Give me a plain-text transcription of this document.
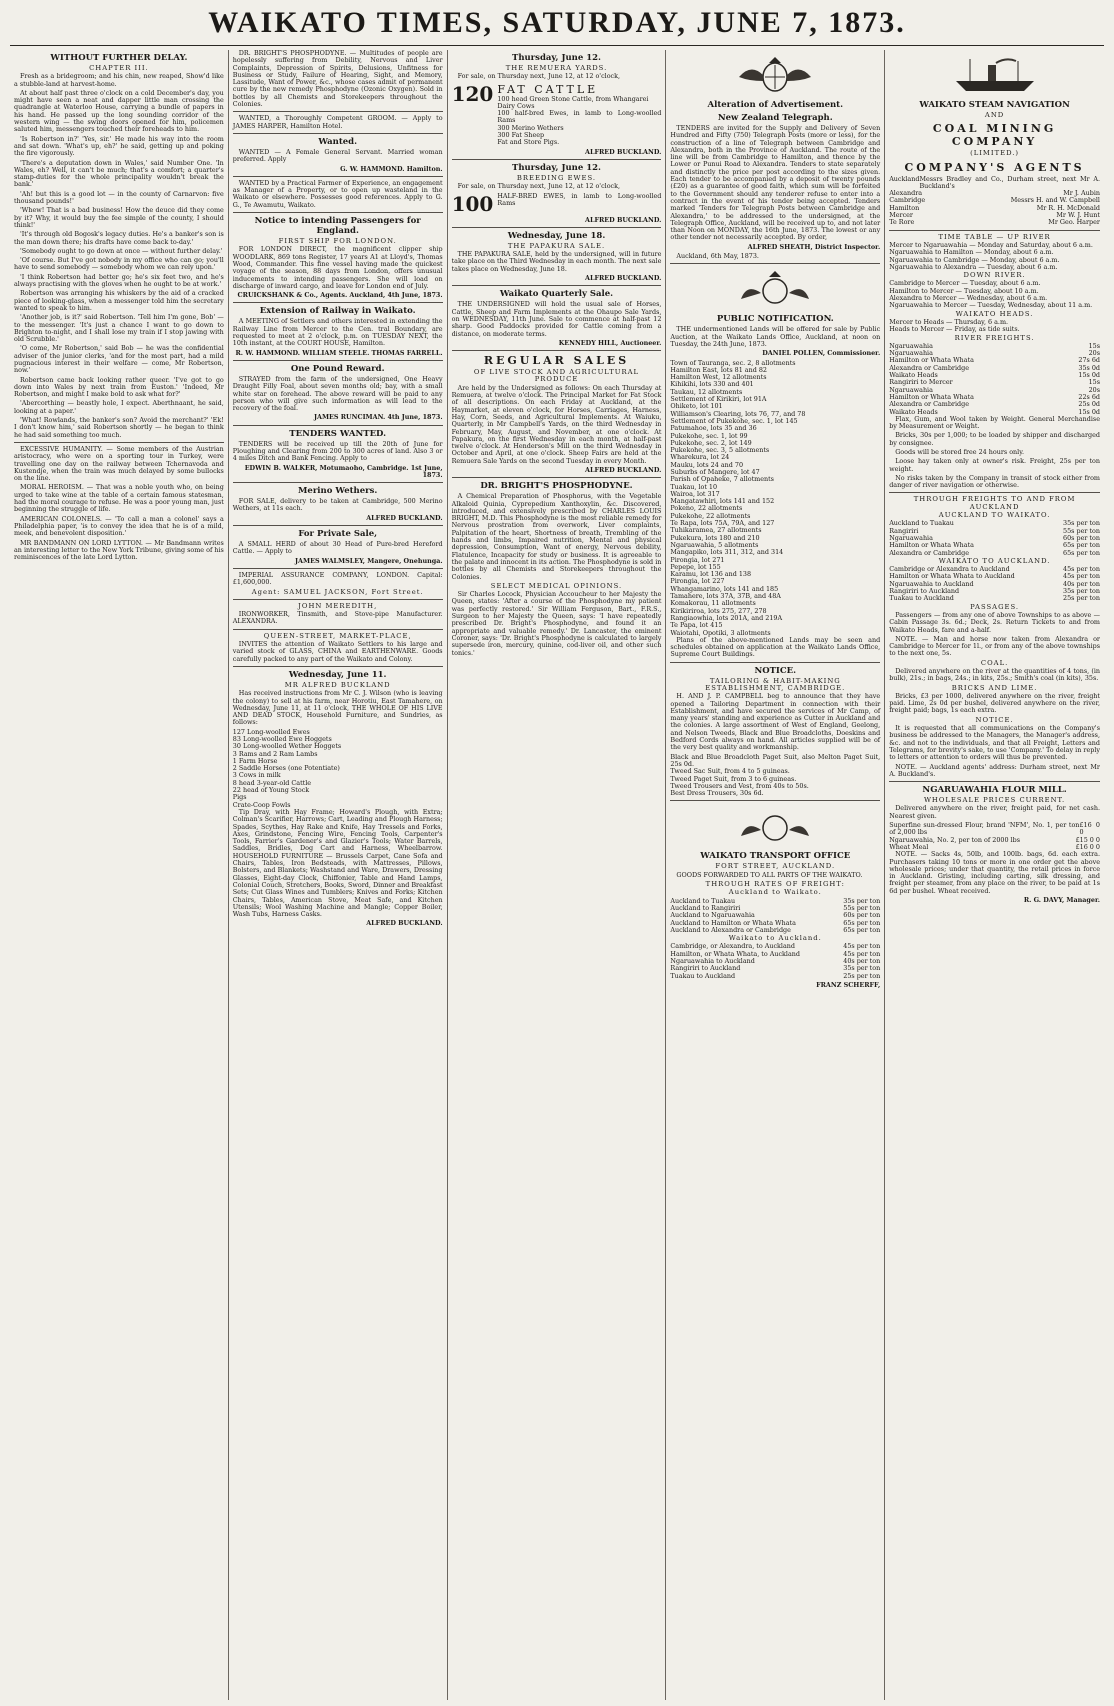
WAIKATO TIMES, SATURDAY, JUNE 7, 1873.
WITHOUT FURTHER DELAY.
CHAPTER III.

Fresh as a bridegroom; and his chin, new reaped, Show'd like a stubble-land at harvest-home.

At about half past three o'clock on a cold December's day, you might have seen a neat and dapper little man crossing the quadrangle at Waterloo House, carrying a bundle of papers in his hand. He passed up the long sounding corridor of the western wing — the swing doors opened for him, policemen saluted him, messengers touched their foreheads to him.

'Is Robertson in?' 'Yes, sir.' He made his way into the room and sat down. 'What's up, eh?' he said, getting up and poking the fire vigorously.

'There's a deputation down in Wales,' said Number One. 'In Wales, eh? Well, it can't be much; that's a comfort; a quarter's stamp-duties for the whole principality wouldn't break the bank.'

'Ah! but this is a good lot — in the county of Carnarvon: five thousand pounds!'

'Whew! That is a bad business! How the deuce did they come by it? Why, it would buy the fee simple of the county, I should think!'

'It's through old Bogosk's legacy duties. He's a banker's son is the man down there; his drafts have come back to-day.'

'Somebody ought to go down at once — without further delay.'

'Of course. But I've got nobody in my office who can go; you'll have to send somebody — somebody whom we can rely upon.'

'I think Robertson had better go; he's six feet two, and he's always practising with the gloves when he ought to be at work.'

Robertson was arranging his whiskers by the aid of a cracked piece of looking-glass, when a messenger told him the secretary wanted to speak to him.

'Another job, is it?' said Robertson. 'Tell him I'm gone, Bob' — to the messenger. 'It's just a chance I want to go down to Brighton to-night, and I shall lose my train if I stop jawing with old Scrubble.'

'O come, Mr Robertson,' said Bob — he was the confidential adviser of the junior clerks, 'and for the most part, had a mild pugnacious interest in their welfare — come, Mr Robertson, now.'

Robertson came back looking rather queer. 'I've got to go down into Wales by next train from Euston.' 'Indeed, Mr Robertson, and might I make bold to ask what for?'

'Abercorthing — beastly hole, I expect. Aberthnaant, he said, looking at a paper.'

'What! Rowlands, the banker's son? Avoid the merchant?' 'Ek! I don't know him,' said Robertson shortly — he began to think he had said something too much.

EXCESSIVE HUMANITY. — Some members of the Austrian aristocracy, who were on a sporting tour in Turkey, were travelling one day on the railway between Tchernavoda and Kustendje, when the train was much delayed by some bullocks on the line.

MORAL HEROISM. — That was a noble youth who, on being urged to take wine at the table of a certain famous statesman, had the moral courage to refuse. He was a poor young man, just beginning the struggle of life.

AMERICAN COLONELS. — 'To call a man a colonel' says a Philadelphia paper, 'is to convey the idea that he is of a mild, meek, and benevolent disposition.'

MR BANDMANN ON LORD LYTTON. — Mr Bandmann writes an interesting letter to the New York Tribune, giving some of his reminiscences of the late Lord Lytton.

DR. BRIGHT'S PHOSPHODYNE. — Multitudes of people are hopelessly suffering from Debility, Nervous and Liver Complaints, Depression of Spirits, Delusions, Unfitness for Business or Study, Failure of Hearing, Sight, and Memory, Lassitude, Want of Power, &c., whose cases admit of permanent cure by the new remedy Phosphodyne (Ozonic Oxygen). Sold in bottles by all Chemists and Storekeepers throughout the Colonies.

WANTED, a Thoroughly Competent GROOM. — Apply to JAMES HARPER, Hamilton Hotel.

Wanted.

WANTED — A Female General Servant. Married woman preferred. Apply

G. W. HAMMOND. Hamilton.

WANTED by a Practical Farmer of Experience, an engagement as Manager of a Property, or to open up wasteland in the Waikato or elsewhere. Possesses good references. Apply to G. G., Te Awamutu, Waikato.

Notice to intending Passengers for England.
FIRST SHIP FOR LONDON.

FOR LONDON DIRECT, the magnificent clipper ship WOODLARK, 869 tons Register, 17 years A1 at Lloyd's, Thomas Wood, Commander. This fine vessel having made the quickest voyage of the season, 88 days from London, offers unusual inducements to intending passengers. She will load on discharge of inward cargo, and leave for London end of July.

CRUICKSHANK & Co., Agents. Auckland, 4th June, 1873.
Extension of Railway in Waikato.

A MEETING of Settlers and others interested in extending the Railway Line from Mercer to the Cen. tral Boundary, are requested to meet at 2 o'clock, p.m. on TUESDAY NEXT, the 10th instant, at the COURT HOUSE, Hamilton.

R. W. HAMMOND. WILLIAM STEELE. THOMAS FARRELL.
One Pound Reward.

STRAYED from the farm of the undersigned, One Heavy Draught Filly Foal, about seven months old; bay, with a small white star on forehead. The above reward will be paid to any person who will give such information as will lead to the recovery of the foal.

JAMES RUNCIMAN. 4th June, 1873.
TENDERS WANTED.

TENDERS will be received up till the 20th of June for Ploughing and Clearing from 200 to 300 acres of land. Also 3 or 4 miles Ditch and Bank Fencing. Apply to

EDWIN B. WALKER, Motumaoho, Cambridge. 1st June, 1873.
Merino Wethers.

FOR SALE, delivery to be taken at Cambridge, 500 Merino Wethers, at 11s each.

ALFRED BUCKLAND.
For Private Sale,

A SMALL HERD of about 30 Head of Pure-bred Hereford Cattle. — Apply to

JAMES WALMSLEY, Mangere, Onehunga.

IMPERIAL ASSURANCE COMPANY, LONDON. Capital: £1,600,000.

Agent: SAMUEL JACKSON, Fort Street.
JOHN MEREDITH,

IRONWORKER, Tinsmith, and Stove-pipe Manufacturer. ALEXANDRA.

QUEEN-STREET, MARKET-PLACE,

INVITES the attention of Waikato Settlers to his large and varied stock of GLASS, CHINA and EARTHENWARE. Goods carefully packed to any part of the Waikato and Colony.

Wednesday, June 11.
MR ALFRED BUCKLAND

Has received instructions from Mr C. J. Wilson (who is leaving the colony) to sell at his farm, near Horotiu, East Tamahere, on Wednesday, June 11, at 11 o'clock, THE WHOLE OF HIS LIVE AND DEAD STOCK, Household Furniture, and Sundries, as follows:

127 Long-woolled Ewes
83 Long-woolled Ewe Hoggets
30 Long-woolled Wether Hoggets
3 Rams and 2 Ram Lambs
1 Farm Horse
2 Saddle Horses (one Potentiate)
3 Cows in milk
8 head 3-year-old Cattle
22 head of Young Stock
Pigs
Crate-Coop Fowls

Tip Dray, with Hay Frame; Howard's Plough, with Extra; Colman's Scarifier, Harrows; Cart, Leading and Plough Harness; Spades, Scythes, Hay Rake and Knife, Hay Tressels and Forks, Axes, Grindstone, Fencing Wire, Fencing Tools, Carpenter's Tools, Farrier's Gardener's and Glazier's Tools; Water Barrels, Saddles, Bridles, Dog Cart and Harness, Wheelbarrow. HOUSEHOLD FURNITURE — Brussels Carpet, Cane Sofa and Chairs, Tables, Iron Bedsteads, with Mattresses, Pillows, Bolsters, and Blankets; Washstand and Ware, Drawers, Dressing Glasses, Eight-day Clock, Chiffonier, Table and Hand Lamps, Colonial Couch, Stretchers, Books, Sword, Dinner and Breakfast Sets; Cut Glass Wines and Tumblers; Knives and Forks; Kitchen Chairs, Tables, American Stove, Meat Safe, and Kitchen Utensils; Wool Washing Machine and Mangle; Copper Boiler, Wash Tubs, Harness Casks.

ALFRED BUCKLAND.
Thursday, June 12.
THE REMUERA YARDS.

For sale, on Thursday next, June 12, at 12 o'clock,

120 FAT CATTLE
100 head Green Stone Cattle, from Whangarei
Dairy Cows
100 half-bred Ewes, in lamb to Long-woolled Rams
300 Merino Wethers
300 Fat Sheep
Fat and Store Pigs.
ALFRED BUCKLAND.
Thursday, June 12.
BREEDING EWES.

For sale, on Thursday next, June 12, at 12 o'clock,

100 HALF-BRED EWES, in lamb to Long-woolled Rams
ALFRED BUCKLAND.
Wednesday, June 18.
THE PAPAKURA SALE.

THE PAPAKURA SALE, held by the undersigned, will in future take place on the Third Wednesday in each month. The next sale takes place on Wednesday, June 18.

ALFRED BUCKLAND.
Waikato Quarterly Sale.

THE UNDERSIGNED will hold the usual sale of Horses, Cattle, Sheep and Farm Implements at the Ohaupo Sale Yards, on WEDNESDAY, 11th June. Sale to commence at half-past 12 sharp. Good Paddocks provided for Cattle coming from a distance, on moderate terms.

KENNEDY HILL, Auctioneer.
REGULAR SALES
OF LIVE STOCK AND AGRICULTURAL PRODUCE

Are held by the Undersigned as follows: On each Thursday at Remuera, at twelve o'clock. The Principal Market for Fat Stock of all descriptions. On each Friday at Auckland, at the Haymarket, at eleven o'clock, for Horses, Carriages, Harness, Hay, Corn, Seeds, and Agricultural Implements. At Waiuku, Quarterly, in Mr Campbell's Yards, on the third Wednesday in February, May, August, and November, at one o'clock. At Papakura, on the first Wednesday in each month, at half-past twelve o'clock. At Henderson's Mill on the third Wednesday in October and April, at one o'clock. Sheep Fairs are held at the Remuera Sale Yards on the second Tuesday in every Month.

ALFRED BUCKLAND.
DR. BRIGHT'S PHOSPHODYNE.

A Chemical Preparation of Phosphorus, with the Vegetable Alkaloid Quinia, Cyprepedium Xanthoxylin, &c. Discovered, introduced, and extensively prescribed by CHARLES LOUIS BRIGHT, M.D. This Phosphodyne is the most reliable remedy for Nervous prostration from overwork, Liver complaints, Palpitation of the heart, Shortness of breath, Trembling of the hands and limbs, Impaired nutrition, Mental and physical depression, Consumption, Want of energy, Nervous debility, Flatulence, Incapacity for study or business. It is agreeable to the palate and innocent in its action. The Phosphodyne is sold in bottles by all Chemists and Storekeepers throughout the Colonies.

SELECT MEDICAL OPINIONS.

Sir Charles Locock, Physician Accoucheur to her Majesty the Queen, states: 'After a course of the Phosphodyne my patient was perfectly restored.' Sir William Ferguson, Bart., F.R.S., Surgeon to her Majesty the Queen, says: 'I have repeatedly prescribed Dr. Bright's Phosphodyne, and found it an appropriate and valuable remedy.' Dr. Lancaster, the eminent Coroner, says: 'Dr. Bright's Phosphodyne is calculated to largely supersede iron, mercury, quinine, cod-liver oil, and other such tonics.'

Alteration of Advertisement.
New Zealand Telegraph.

TENDERS are invited for the Supply and Delivery of Seven Hundred and Fifty (750) Telegraph Posts (more or less), for the construction of a line of Telegraph between Cambridge and Alexandra, both in the Province of Auckland. The route of the line will be from Cambridge to Hamilton, and thence by the Lower or Punui Road to Alexandra. Tenders to state separately and distinctly the price per post according to the sizes given. Each tender to be accompanied by a deposit of twenty pounds (£20) as a guarantee of good faith, which sum will be forfeited to the Government should any tenderer refuse to enter into a contract in the event of his tender being accepted. Tenders marked 'Tenders for Telegraph Posts between Cambridge and Alexandra,' to be addressed to the undersigned, at the Telegraph Office, Auckland, will be received up to, and not later than Noon on MONDAY, the 16th June, 1873. The lowest or any other tender not necessarily accepted. By order,

ALFRED SHEATH, District Inspector.

Auckland, 6th May, 1873.

PUBLIC NOTIFICATION.

THE undermentioned Lands will be offered for sale by Public Auction, at the Waikato Lands Office, Auckland, at noon on Tuesday, the 24th June, 1873.

DANIEL POLLEN, Commissioner.
Town of Tauranga, sec. 2, 8 allotments
Hamilton East, lots 81 and 82
Hamilton West, 12 allotments
Kihikihi, lots 330 and 401
Taukau, 12 allotments
Settlement of Kirikiri, lot 91A
Ohiketo, lot 101
Williamson's Clearing, lots 76, 77, and 78
Settlement of Pukekohe, sec. 1, lot 145
Patumahoe, lots 35 and 36
Pukekohe, sec. 1, lot 99
Pukekohe, sec. 2, lot 149
Pukekohe, sec. 3, 5 allotments
Wharekura, lot 24
Mauku, lots 24 and 70
Suburbs of Mangere, lot 47
Parish of Opaheke, 7 allotments
Tuakau, lot 10
Wairoa, lot 317
Mangatawhiri, lots 141 and 152
Pokeno, 22 allotments
Pukekohe, 22 allotments
Te Rapa, lots 75A, 79A, and 127
Tuhikaramea, 27 allotments
Pukekura, lots 180 and 210
Ngaruawahia, 5 allotments
Mangapiko, lots 311, 312, and 314
Pirongia, lot 271
Pepepe, lot 155
Karamu, lot 136 and 138
Pirongia, lot 227
Whangamarino, lots 141 and 185
Tamahere, lots 37A, 37B, and 48A
Komakorau, 11 allotments
Kirikiriroa, lots 275, 277, 278
Rangiaowhia, lots 201A, and 219A
Te Papa, lot 415
Waiotahi, Opotiki, 3 allotments

Plans of the above-mentioned Lands may be seen and schedules obtained on application at the Waikato Lands Office, Supreme Court Buildings.

NOTICE.
TAILORING & HABIT-MAKING ESTABLISHMENT, CAMBRIDGE.

H. AND J. P. CAMPBELL beg to announce that they have opened a Tailoring Department in connection with their Establishment, and have secured the services of Mr Camp, of many years' standing and experience as Cutter in Auckland and the colonies. A large assortment of West of England, Geelong, and Nelson Tweeds, Black and Blue Broadcloths, Doeskins and Bedford Cords always on hand. All articles supplied will be of the very best quality and workmanship.

Black and Blue Broadcloth Paget Suit, also Melton Paget Suit, 25s 0d.
Tweed Sac Suit, from 4 to 5 guineas.
Tweed Paget Suit, from 3 to 6 guineas.
Tweed Trousers and Vest, from 40s to 50s.
Best Dress Trousers, 30s 6d.
WAIKATO TRANSPORT OFFICE
FORT STREET, AUCKLAND.

GOODS FORWARDED TO ALL PARTS OF THE WAIKATO.

THROUGH RATES OF FREIGHT:
Auckland to Waikato.
Auckland to Tuakau	35s per ton
Auckland to Rangiriri	55s per ton
Auckland to Ngaruawahia	60s per ton
Auckland to Hamilton or Whata Whata	65s per ton
Auckland to Alexandra or Cambridge	65s per ton
Waikato to Auckland.
Cambridge, or Alexandra, to Auckland	45s per ton
Hamilton, or Whata Whata, to Auckland	45s per ton
Ngaruawahia to Auckland	40s per ton
Rangiriri to Auckland	35s per ton
Tuakau to Auckland	25s per ton
FRANZ SCHERFF,
WAIKATO STEAM NAVIGATION
AND
COAL MINING COMPANY
(LIMITED.)
COMPANY'S AGENTS
Auckland Messrs Bradley and Co., Durham street, next Mr A. Buckland's
Alexandra	Mr J. Aubin
Cambridge	Messrs H. and W. Campbell
Hamilton	Mr R. H. McDonald
Mercer	Mr W. J. Hunt
Te Rore	Mr Geo. Harper
TIME TABLE — UP RIVER
Mercer to Ngaruawahia — Monday and Saturday, about 6 a.m.
Ngaruawahia to Hamilton — Monday, about 6 a.m.
Ngaruawahia to Cambridge — Monday, about 6 a.m.
Ngaruawahia to Alexandra — Tuesday, about 6 a.m.
DOWN RIVER.
Cambridge to Mercer — Tuesday, about 6 a.m.
Hamilton to Mercer — Tuesday, about 10 a.m.
Alexandra to Mercer — Wednesday, about 6 a.m.
Ngaruawahia to Mercer — Tuesday, Wednesday, about 11 a.m.
WAIKATO HEADS.
Mercer to Heads — Thursday, 6 a.m.
Heads to Mercer — Friday, as tide suits.
RIVER FREIGHTS.
Ngaruawahia	15s
Ngaruawahia	20s
Hamilton or Whata Whata	27s 6d
Alexandra or Cambridge	35s 0d
Waikato Heads	15s 0d
Rangiriri to Mercer	15s
Ngaruawahia	20s
Hamilton or Whata Whata	22s 6d
Alexandra or Cambridge	25s 0d
Waikato Heads	15s 0d

Flax, Gum, and Wool taken by Weight. General Merchandise by Measurement or Weight.

Bricks, 30s per 1,000; to be loaded by shipper and discharged by consignee.

Goods will be stored free 24 hours only.

Loose hay taken only at owner's risk. Freight, 25s per ton weight.

No risks taken by the Company in transit of stock either from danger of river navigation or otherwise.

THROUGH FREIGHTS TO AND FROM AUCKLAND
AUCKLAND TO WAIKATO.
Auckland to Tuakau	35s per ton
Rangiriri	55s per ton
Ngaruawahia	60s per ton
Hamilton or Whata Whata	65s per ton
Alexandra or Cambridge	65s per ton
WAIKATO TO AUCKLAND.
Cambridge or Alexandra to Auckland	45s per ton
Hamilton or Whata Whata to Auckland	45s per ton
Ngaruawahia to Auckland	40s per ton
Rangiriri to Auckland	35s per ton
Tuakau to Auckland	25s per ton
PASSAGES.

Passengers — from any one of above Townships to as above — Cabin Passage 3s. 6d.; Deck, 2s. Return Tickets to and from Waikato Heads, fare and a-half.

NOTE. — Man and horse now taken from Alexandra or Cambridge to Mercer for 1l., or from any of the above townships to the next one, 5s.

COAL.

Delivered anywhere on the river at the quantities of 4 tons, (in bulk), 21s.; in bags, 24s.; in kits, 25s.; Smith's coal (in kits), 35s.

BRICKS AND LIME.

Bricks, £3 per 1000, delivered anywhere on the river, freight paid. Lime, 2s 0d per bushel, delivered anywhere on the river, freight paid; bags, 1s each extra.

NOTICE.

It is requested that all communications on the Company's business be addressed to the Managers, the Manager's address, &c. and not to the individuals, and that all Freight, Letters and Telegrams, for brevity's sake, to use 'Company.' To delay in reply to letters or attention to orders will thus be prevented.

NOTE. — Auckland agents' address: Durham street, next Mr A. Buckland's.

NGARUAWAHIA FLOUR MILL.
WHOLESALE PRICES CURRENT.

Delivered anywhere on the river, freight paid, for net cash. Nearest given.

Superfine sun-dressed Flour, brand 'NFM', No. 1, per ton of 2,000 lbs
£16 0 0
Ngaruawahia, No. 2, per ton of 2000 lbs	£15 0 0
Wheat Meal	£16 0 0

NOTE. — Sacks 4s, 50lb, and 100lb. bags, 6d. each extra. Purchasers taking 10 tons or more in one order get the above wholesale prices; under that quantity, the retail prices in force in Auckland. Gristing, including carting, silk dressing, and freight per steamer, from any place on the river, to be paid at 1s 6d per bushel. Wheat received.

R. G. DAVY, Manager.
